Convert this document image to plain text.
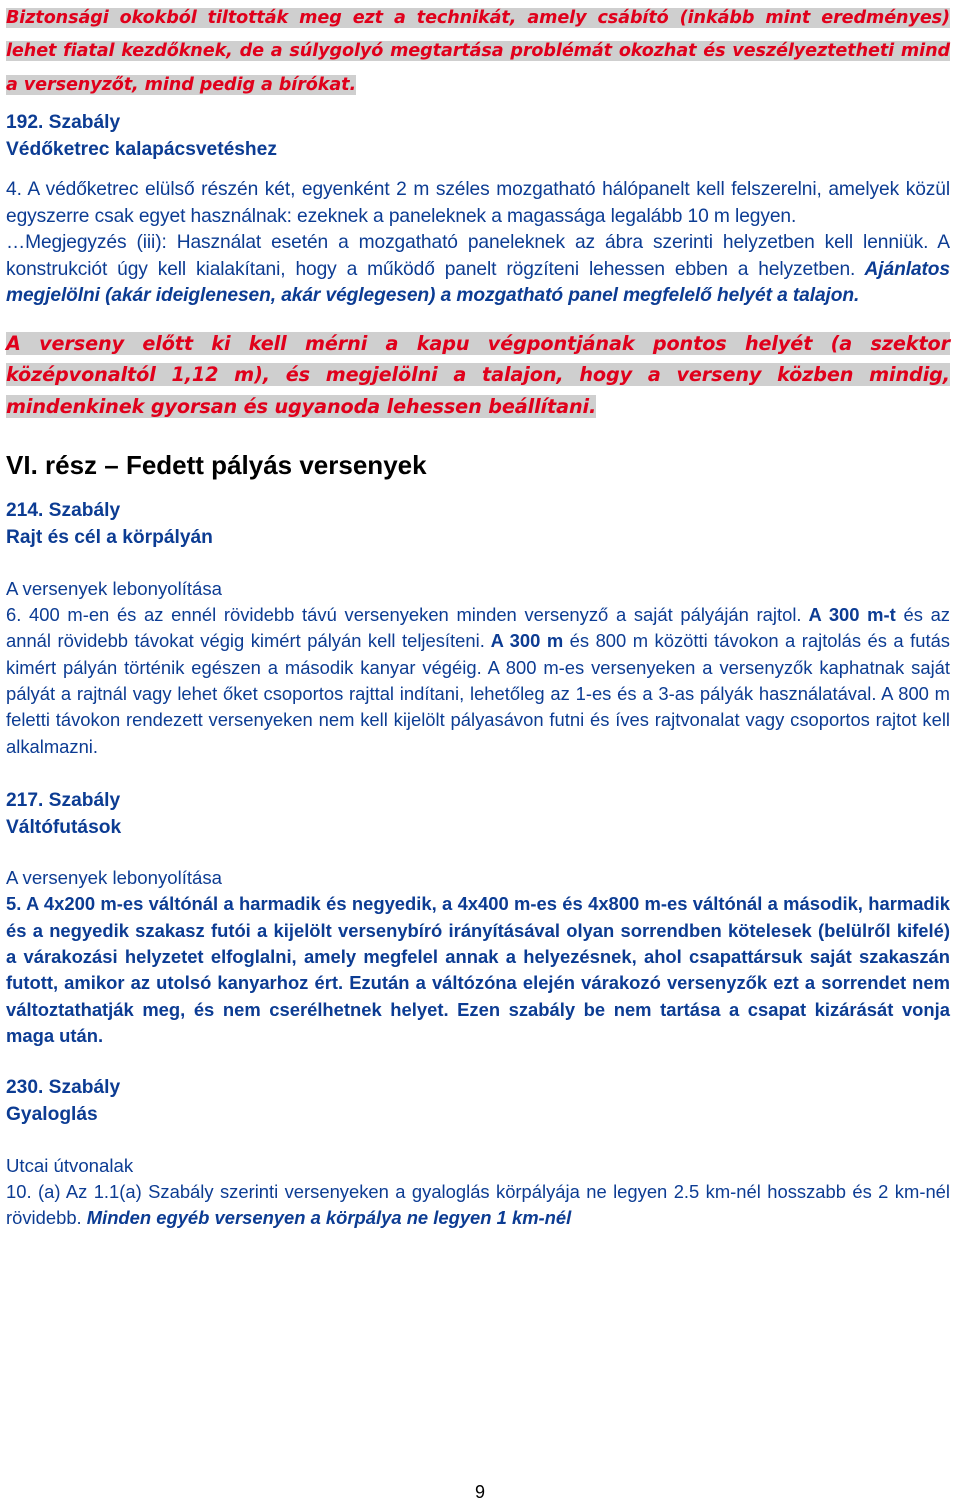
Biztonsági okokból tiltották meg ezt a technikát, amely csábító (inkább mint eredményes) lehet fiatal kezdőknek, de a súlygolyó megtartása problémát okozhat és veszélyeztetheti mind a versenyzőt, mind pedig a bírókat.

192. Szabály

Védőketrec kalapácsvetéshez

4. A védőketrec elülső részén két, egyenként 2 m széles mozgatható hálópanelt kell felszerelni, amelyek közül egyszerre csak egyet használnak: ezeknek a paneleknek a magassága legalább 10 m legyen.

…Megjegyzés (iii): Használat esetén a mozgatható paneleknek az ábra szerinti helyzetben kell lenniük. A konstrukciót úgy kell kialakítani, hogy a működő panelt rögzíteni lehessen ebben a helyzetben. Ajánlatos megjelölni (akár ideiglenesen, akár véglegesen) a mozgatható panel megfelelő helyét a talajon.

A verseny előtt ki kell mérni a kapu végpontjának pontos helyét (a szektor középvonaltól 1,12 m), és megjelölni a talajon, hogy a verseny közben mindig, mindenkinek gyorsan és ugyanoda lehessen beállítani.

VI. rész – Fedett pályás versenyek

214. Szabály

Rajt és cél a körpályán

A versenyek lebonyolítása

6. 400 m-en és az ennél rövidebb távú versenyeken minden versenyző a saját pályáján rajtol. A 300 m-t és az annál rövidebb távokat végig kimért pályán kell teljesíteni. A 300 m és 800 m közötti távokon a rajtolás és a futás kimért pályán történik egészen a második kanyar végéig. A 800 m-es versenyeken a versenyzők kaphatnak saját pályát a rajtnál vagy lehet őket csoportos rajttal indítani, lehetőleg az 1-es és a 3-as pályák használatával. A 800 m feletti távokon rendezett versenyeken nem kell kijelölt pályasávon futni és íves rajtvonalat vagy csoportos rajtot kell alkalmazni.

217. Szabály

Váltófutások

A versenyek lebonyolítása

5. A 4x200 m-es váltónál a harmadik és negyedik, a 4x400 m-es és 4x800 m-es váltónál a második, harmadik és a negyedik szakasz futói a kijelölt versenybíró irányításával olyan sorrendben kötelesek (belülről kifelé) a várakozási helyzetet elfoglalni, amely megfelel annak a helyezésnek, ahol csapattársuk saját szakaszán futott, amikor az utolsó kanyarhoz ért. Ezután a váltózóna elején várakozó versenyzők ezt a sorrendet nem változtathatják meg, és nem cserélhetnek helyet. Ezen szabály be nem tartása a csapat kizárását vonja maga után.

230. Szabály

Gyaloglás

Utcai útvonalak

10. (a) Az 1.1(a) Szabály szerinti versenyeken a gyaloglás körpályája ne legyen 2.5 km-nél hosszabb és 2 km-nél rövidebb. Minden egyéb versenyen a körpálya ne legyen 1 km-nél

9
